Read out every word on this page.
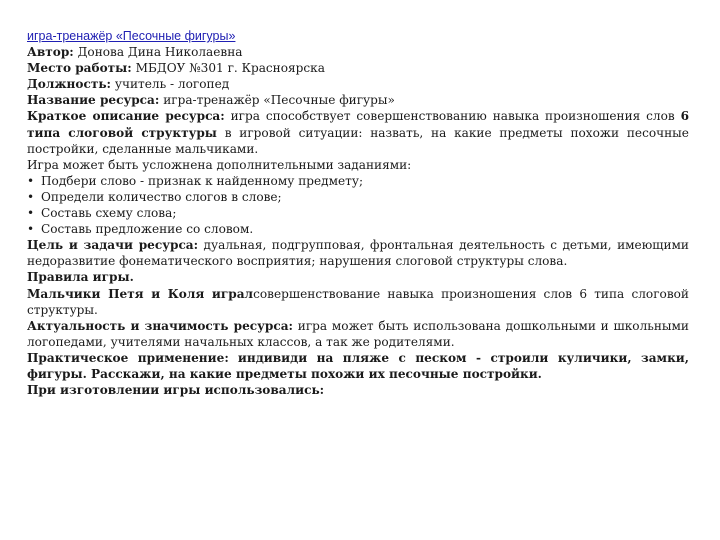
игра-тренажёр «Песочные фигуры»

Автор: Донова Дина Николаевна

Место работы: МБДОУ №301 г. Красноярска

Должность: учитель - логопед

Название ресурса: игра-тренажёр «Песочные фигуры»

Краткое описание ресурса: игра способствует совершенствованию навыка произношения слов 6 типа слоговой структуры в игровой ситуации: назвать, на какие предметы похожи песочные постройки, сделанные мальчиками.

Игра может быть усложнена дополнительными заданиями:

• Подбери слово - признак к найденному предмету;

• Определи количество слогов в слове;

• Составь схему слова;

• Составь предложение со словом.

Цель и задачи ресурса: дуальная, подгрупповая, фронтальная деятельность с детьми, имеющими недоразвитие фонематического восприятия; нарушения слоговой структуры слова.

Правила игры.

Мальчики Петя и Коля игралсовершенствование навыка произношения слов 6 типа слоговой структуры.

Актуальность и значимость ресурса: игра может быть использована дошкольными и школьными логопедами, учителями начальных классов, а так же родителями.

Практическое применение: индивиди на пляже с песком - строили куличики, замки, фигуры. Расскажи, на какие предметы похожи их песочные постройки.

При изготовлении игры использовались:
